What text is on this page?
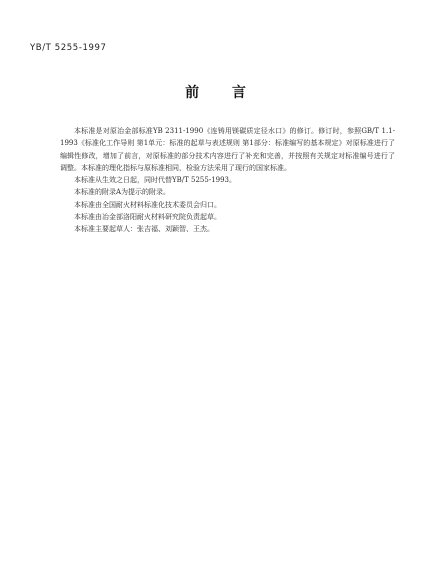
YB/T 5255-1997
前 言

本标准是对原冶金部标准YB 2311-1990《连铸用镁碳质定径水口》的修订。修订时，参照GB/T 1.1-1993《标准化工作导则 第1单元：标准的起草与表述规则 第1部分：标准编写的基本规定》对原标准进行了编辑性修改，增加了前言，对原标准的部分技术内容进行了补充和完善，并按照有关规定对标准编号进行了调整。本标准的理化指标与原标准相同，检验方法采用了现行的国家标准。

本标准从生效之日起，同时代替YB/T 5255-1993。

本标准的附录A为提示的附录。

本标准由全国耐火材料标准化技术委员会归口。

本标准由冶金部洛阳耐火材料研究院负责起草。

本标准主要起草人：张吉福、刘颖智、王杰。
